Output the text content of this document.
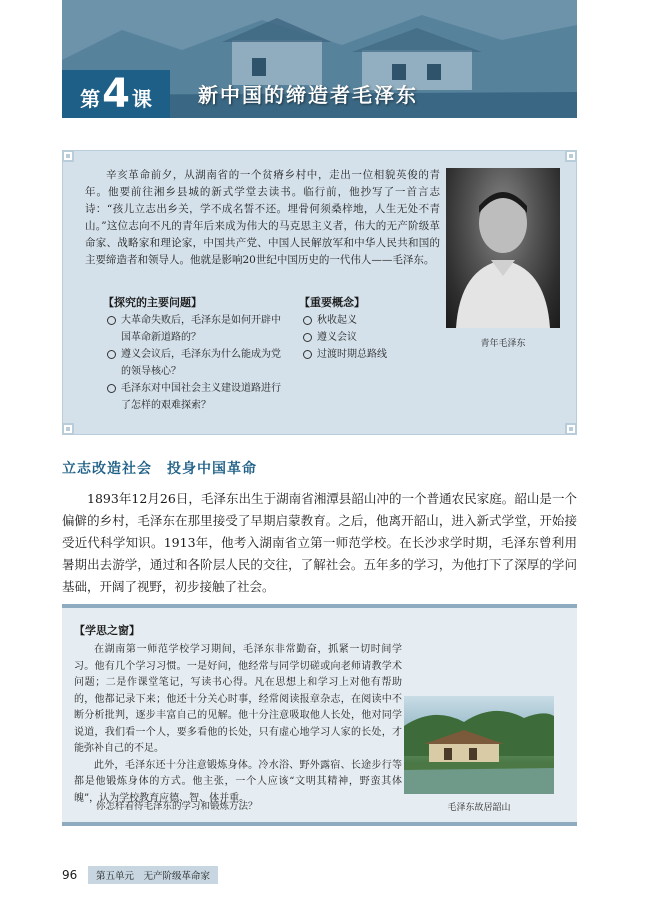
第 4 课 新中国的缔造者毛泽东

辛亥革命前夕，从湖南省的一个贫瘠乡村中，走出一位相貌英俊的青年。他要前往湘乡县城的新式学堂去读书。临行前，他抄写了一首言志诗：“孩儿立志出乡关，学不成名誓不还。埋骨何须桑梓地，人生无处不青山。”这位志向不凡的青年后来成为伟大的马克思主义者，伟大的无产阶级革命家、战略家和理论家，中国共产党、中国人民解放军和中华人民共和国的主要缔造者和领导人。他就是影响20世纪中国历史的一代伟人——毛泽东。

青年毛泽东
【探究的主要问题】
大革命失败后，毛泽东是如何开辟中国革命新道路的？
遵义会议后，毛泽东为什么能成为党的领导核心？
毛泽东对中国社会主义建设道路进行了怎样的艰难探索？
【重要概念】
秋收起义
遵义会议
过渡时期总路线
立志改造社会　投身中国革命

1893年12月26日，毛泽东出生于湖南省湘潭县韶山冲的一个普通农民家庭。韶山是一个偏僻的乡村，毛泽东在那里接受了早期启蒙教育。之后，他离开韶山，进入新式学堂，开始接受近代科学知识。1913年，他考入湖南省立第一师范学校。在长沙求学时期，毛泽东曾利用暑期出去游学，通过和各阶层人民的交往，了解社会。五年多的学习，为他打下了深厚的学问基础，开阔了视野，初步接触了社会。

【学思之窗】

在湖南第一师范学校学习期间，毛泽东非常勤奋，抓紧一切时间学习。他有几个学习习惯。一是好问，他经常与同学切磋或向老师请教学术问题；二是作课堂笔记，写读书心得。凡在思想上和学习上对他有帮助的，他都记录下来；他还十分关心时事，经常阅读报章杂志，在阅读中不断分析批判，逐步丰富自己的见解。他十分注意吸取他人长处，他对同学说道，我们看一个人，要多看他的长处，只有虚心地学习人家的长处，才能弥补自己的不足。

此外，毛泽东还十分注意锻炼身体。冷水浴、野外露宿、长途步行等都是他锻炼身体的方式。他主张，一个人应该“文明其精神，野蛮其体魄”，认为学校教育应德、智、体并重。

毛泽东故居韶山
你怎样看待毛泽东的学习和锻炼方法？
96	第五单元　无产阶级革命家
